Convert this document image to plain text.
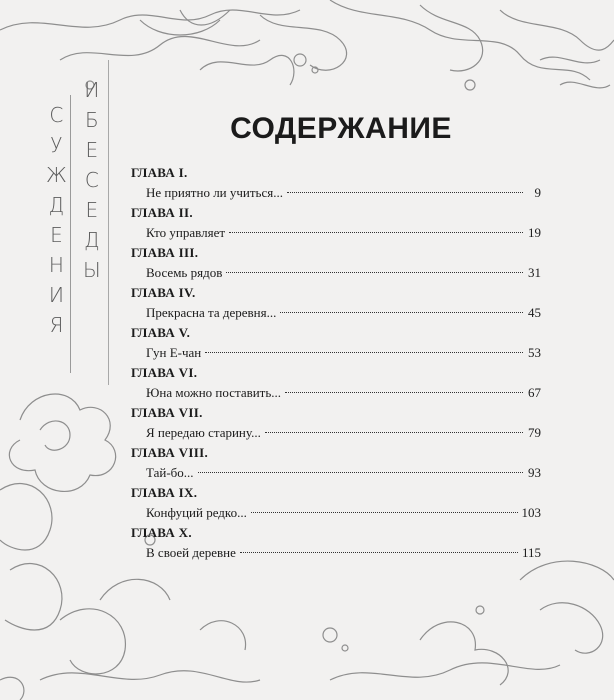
С
У
Ж
Д
Е
Н
И
Я
И
Б
Е
С
Е
Д
Ы
СОДЕРЖАНИЕ
ГЛАВА I.
Не приятно ли учиться...	9
ГЛАВА II.
Кто управляет	19
ГЛАВА III.
Восемь рядов	31
ГЛАВА IV.
Прекрасна та деревня...	45
ГЛАВА V.
Гун Е-чан	53
ГЛАВА VI.
Юна можно поставить...	67
ГЛАВА VII.
Я передаю старину...	79
ГЛАВА VIII.
Тай-бо...	93
ГЛАВА IX.
Конфуций редко...	103
ГЛАВА X.
В своей деревне	115
